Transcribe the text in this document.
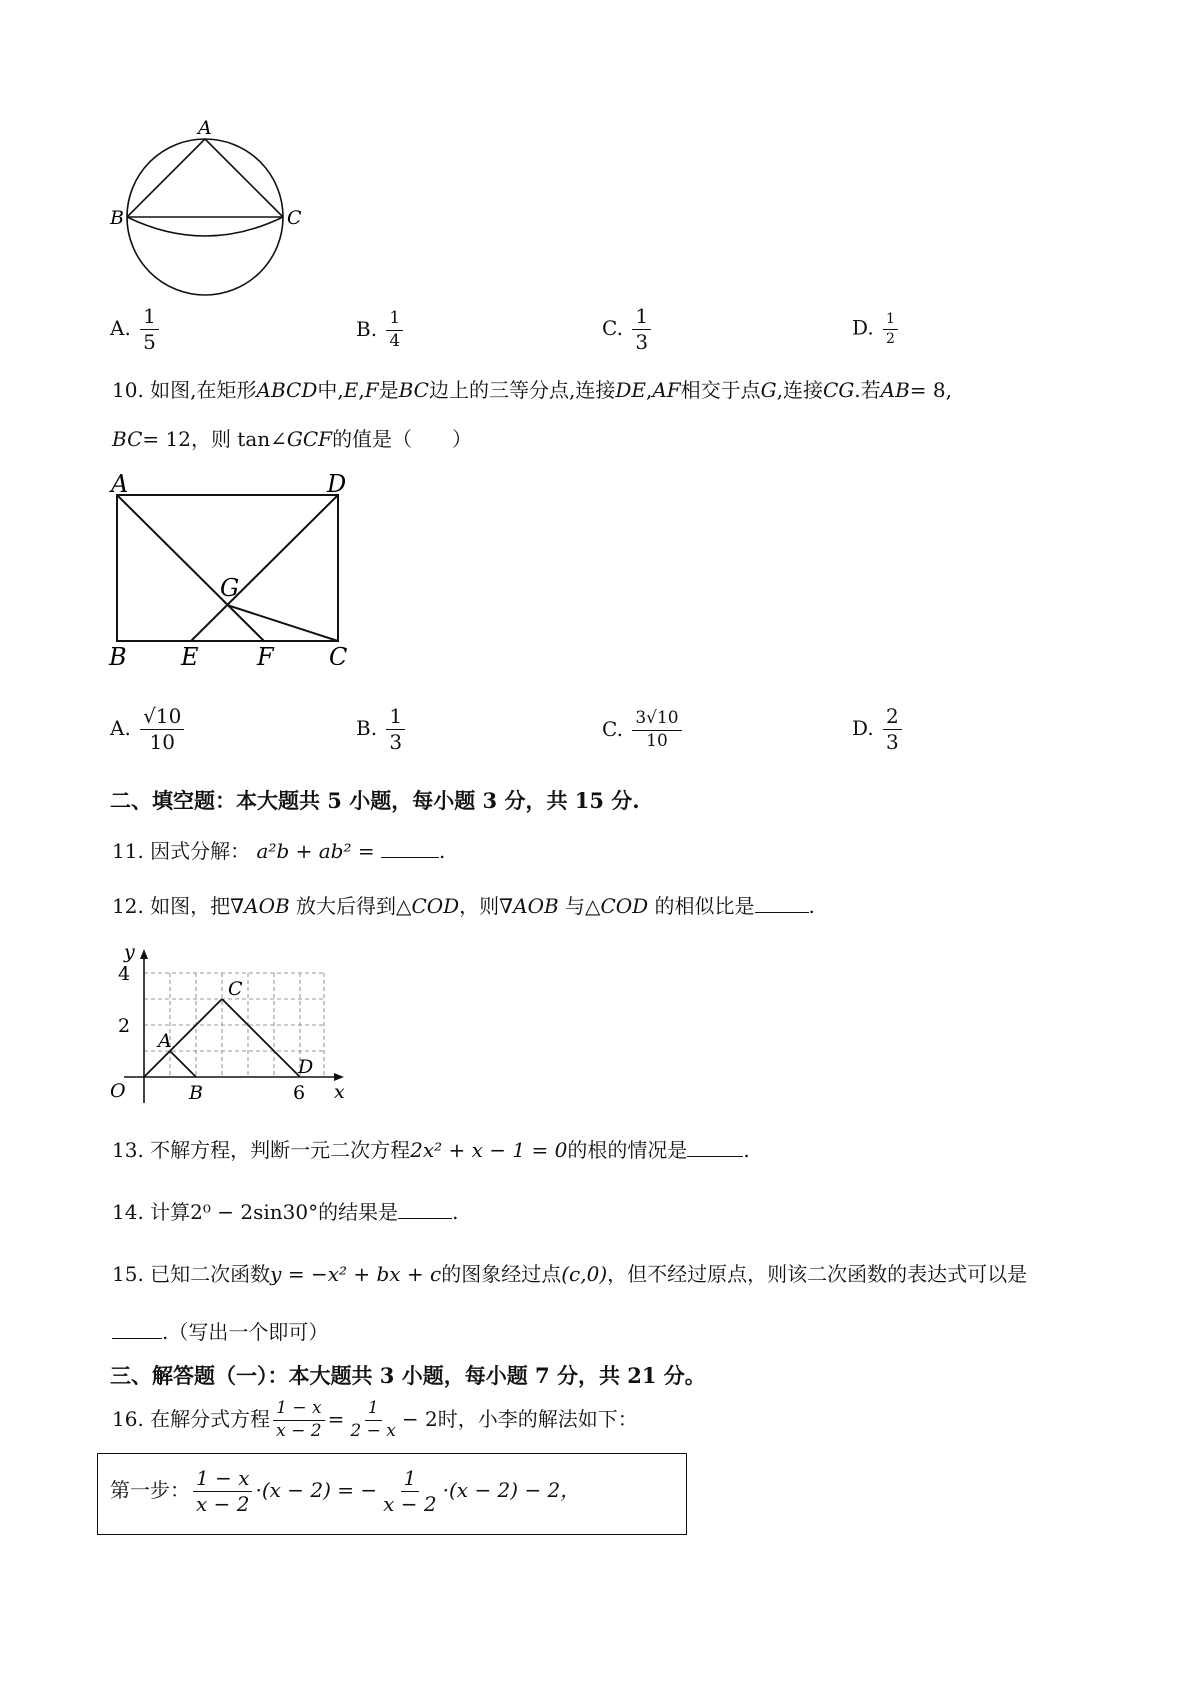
A
B	C
A. $\frac{1}{5}$	B. $\frac{1}{4}$	C. $\frac{1}{3}$	D. $\frac{1}{2}$
10. 如图,在矩形ABCD中,E,F是BC边上的三等分点,连接DE,AF相交于点G,连接CG.若AB= 8,
BC= 12，则 tan∠GCF的值是（　　）
A	D
G
B E F C
A. $\frac{√10}{10}$	B. $\frac{1}{3}$	C. $\frac{3√10}{10}$	D. $\frac{2}{3}$
二、填空题：本大题共 5 小题，每小题 3 分，共 15 分.
11. 因式分解： a²b + ab² =	.
12. 如图，把∇AOB 放大后得到△COD，则∇AOB 与△COD 的相似比是	.
y
x
4
2
O	B	6
A
C
D
13. 不解方程，判断一元二次方程2x² + x − 1 = 0的根的情况是	.
14. 计算2⁰ − 2sin30°的结果是	.
15. 已知二次函数y = −x² + bx + c的图象经过点(c,0)，但不经过原点，则该二次函数的表达式可以是
.（写出一个即可）
三、解答题（一）：本大题共 3 小题，每小题 7 分，共 21 分。
16. 在解分式方程 $\frac{1 - x}{x - 2} = \frac{1}{2 - x} - 2$时，小李的解法如下：
第一步： $\frac{1 - x}{x - 2} \cdot(x - 2)$ = − $\frac{1}{x - 2} \cdot(x - 2) - 2$，
